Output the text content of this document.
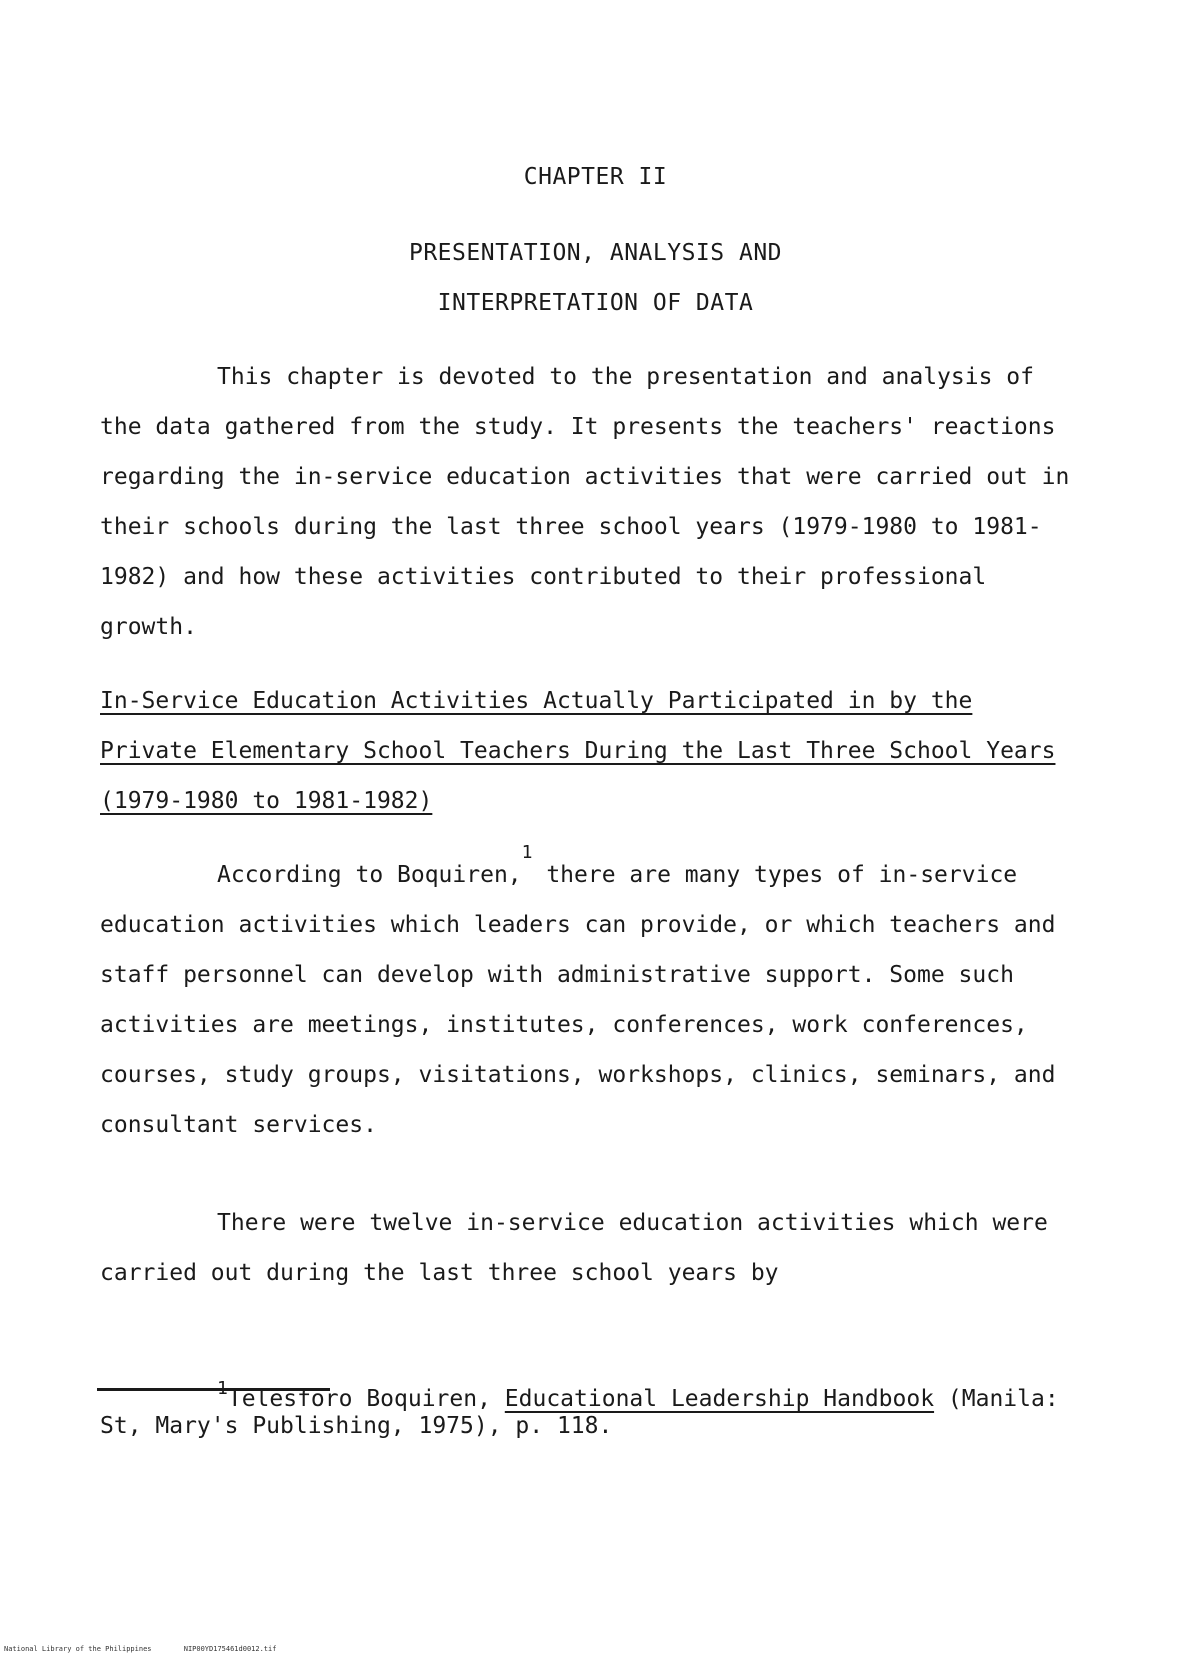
CHAPTER II
PRESENTATION, ANALYSIS AND
INTERPRETATION OF DATA

This chapter is devoted to the presentation and analysis of the data gathered from the study. It presents the teachers' reactions regarding the in-service education activities that were carried out in their schools during the last three school years (1979-1980 to 1981-1982) and how these activities contributed to their professional growth.

In-Service Education Activities Actually Participated in by the Private Elementary School Teachers During the Last Three School Years (1979-1980 to 1981-1982)

According to Boquiren,$^1$ there are many types of in-service education activities which leaders can provide, or which teachers and staff personnel can develop with administrative support. Some such activities are meetings, institutes, conferences, work conferences, courses, study groups, visitations, workshops, clinics, seminars, and consultant services.

There were twelve in-service education activities which were carried out during the last three school years by

$^1$Telesforo Boquiren, Educational Leadership Handbook (Manila: St, Mary's Publishing, 1975), p. 118.

National Library of the Philippines	NIP00YD175461d0012.tif
